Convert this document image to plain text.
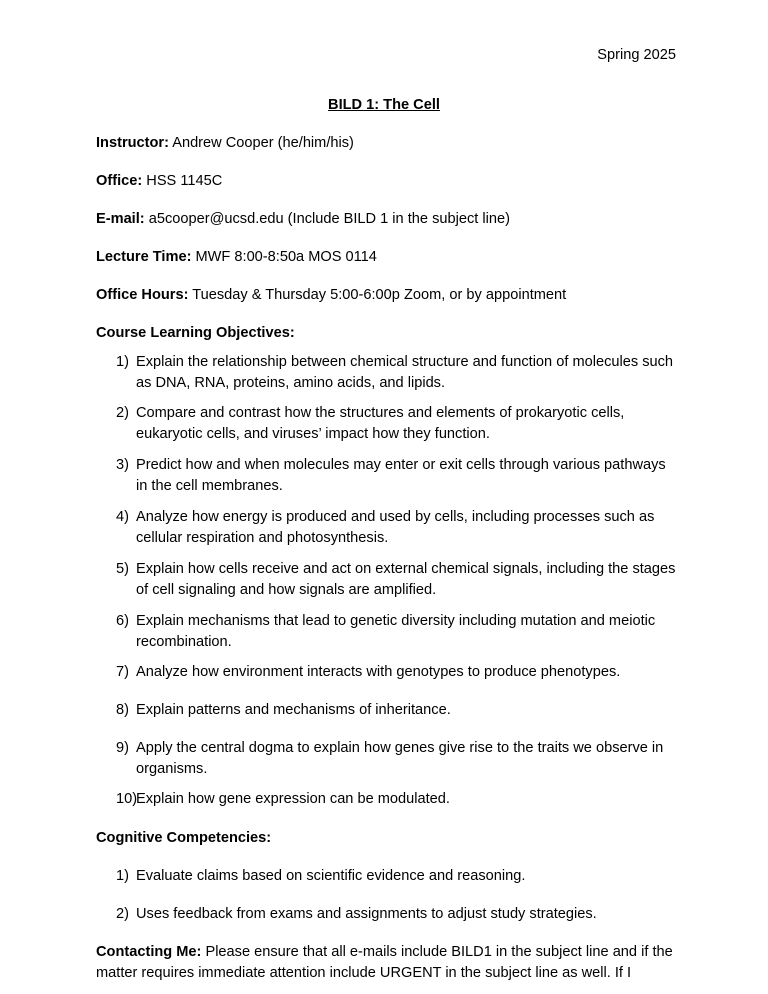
Spring 2025
BILD 1: The Cell
Instructor: Andrew Cooper (he/him/his)
Office: HSS 1145C
E-mail: a5cooper@ucsd.edu (Include BILD 1 in the subject line)
Lecture Time: MWF 8:00-8:50a MOS 0114
Office Hours: Tuesday & Thursday 5:00-6:00p Zoom, or by appointment
Course Learning Objectives:
1) Explain the relationship between chemical structure and function of molecules such as DNA, RNA, proteins, amino acids, and lipids.
2) Compare and contrast how the structures and elements of prokaryotic cells, eukaryotic cells, and viruses’ impact how they function.
3) Predict how and when molecules may enter or exit cells through various pathways in the cell membranes.
4) Analyze how energy is produced and used by cells, including processes such as cellular respiration and photosynthesis.
5) Explain how cells receive and act on external chemical signals, including the stages of cell signaling and how signals are amplified.
6) Explain mechanisms that lead to genetic diversity including mutation and meiotic recombination.
7) Analyze how environment interacts with genotypes to produce phenotypes.
8) Explain patterns and mechanisms of inheritance.
9) Apply the central dogma to explain how genes give rise to the traits we observe in organisms.
10)
Explain how gene expression can be modulated.
Cognitive Competencies:
1) Evaluate claims based on scientific evidence and reasoning.
2) Uses feedback from exams and assignments to adjust study strategies.
Contacting Me: Please ensure that all e-mails include BILD1 in the subject line and if the matter requires immediate attention include URGENT in the subject line as well. If I
